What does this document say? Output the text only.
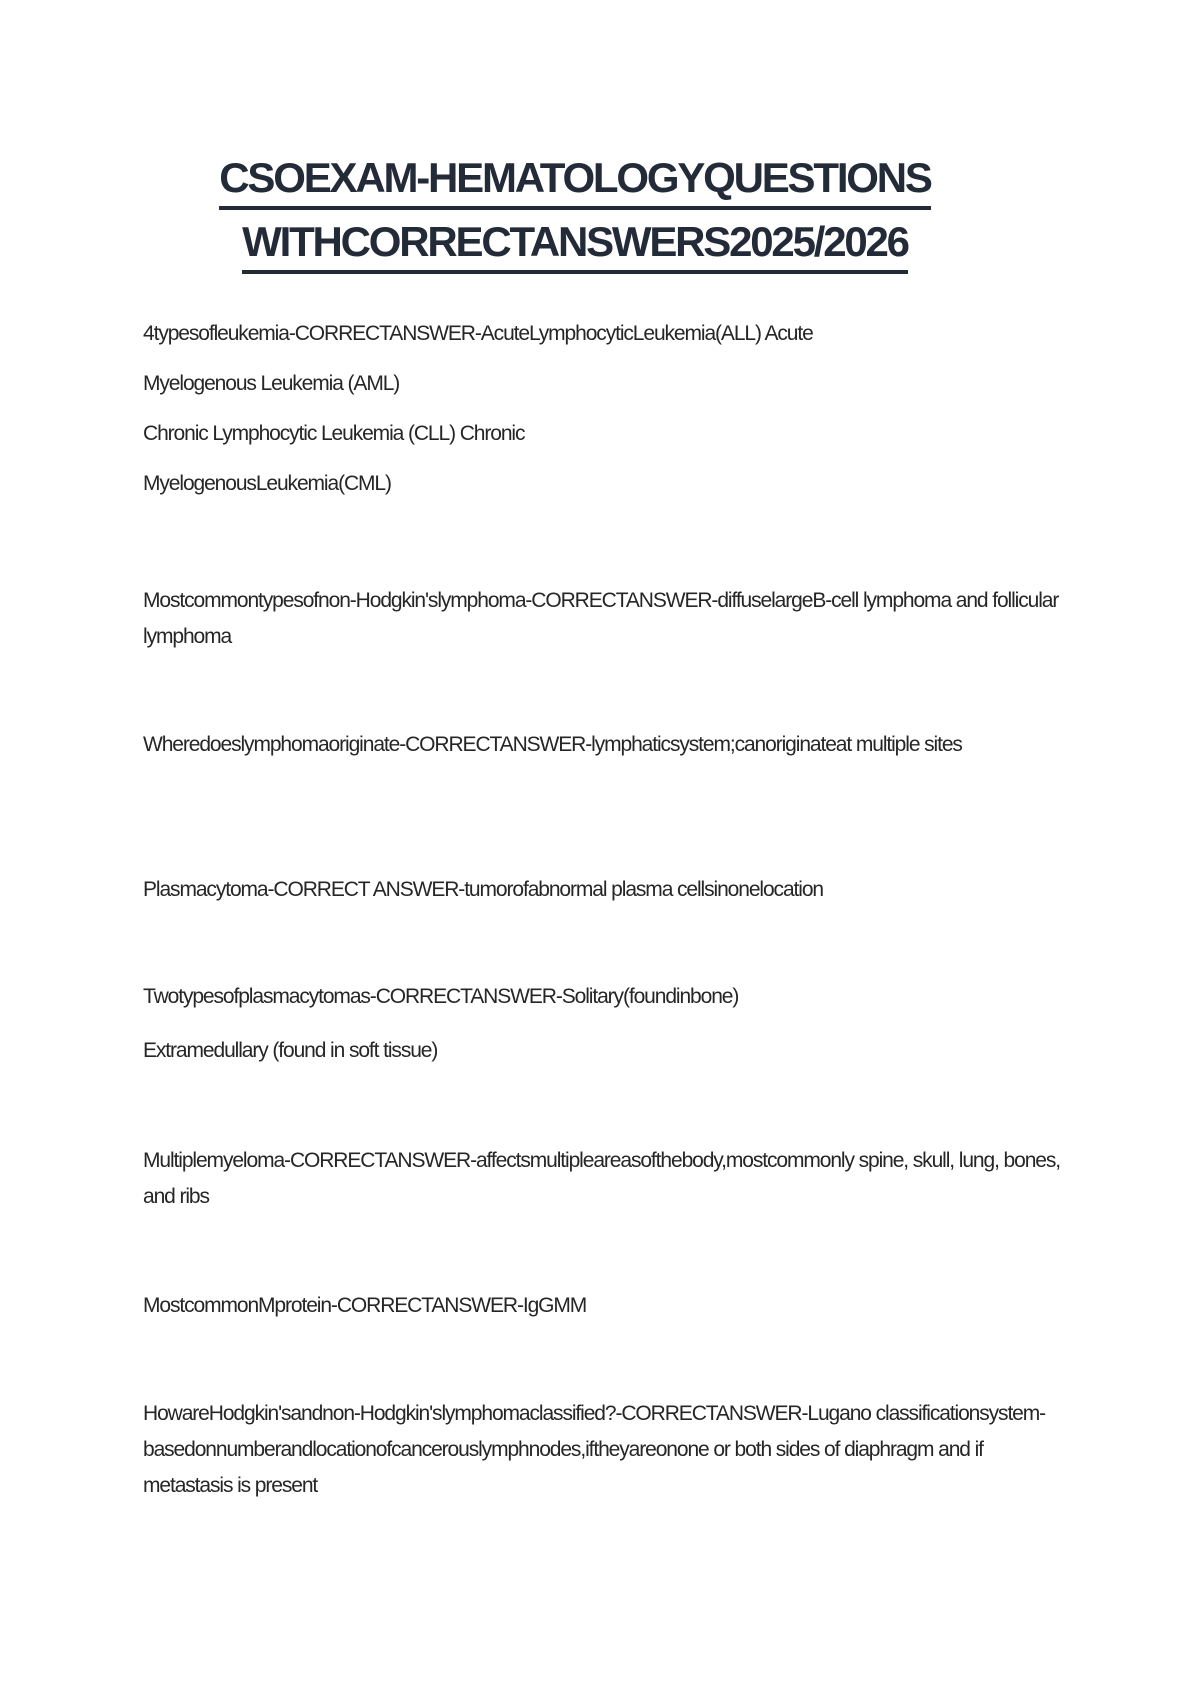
CSOEXAM-HEMATOLOGYQUESTIONS
WITHCORRECTANSWERS2025/2026

4typesofleukemia-CORRECTANSWER-AcuteLymphocyticLeukemia(ALL) Acute

Myelogenous Leukemia (AML)

Chronic Lymphocytic Leukemia (CLL) Chronic

MyelogenousLeukemia(CML)

Mostcommontypesofnon-Hodgkin'slymphoma-CORRECTANSWER-diffuselargeB-cell lymphoma and follicular lymphoma

Wheredoeslymphomaoriginate-CORRECTANSWER-lymphaticsystem;canoriginateat multiple sites

Plasmacytoma-CORRECT ANSWER-tumorofabnormal plasma cellsinonelocation

Twotypesofplasmacytomas-CORRECTANSWER-Solitary(foundinbone)

Extramedullary (found in soft tissue)

Multiplemyeloma-CORRECTANSWER-affectsmultipleareasofthebody,mostcommonly spine, skull, lung, bones, and ribs

MostcommonMprotein-CORRECTANSWER-IgGMM

HowareHodgkin'sandnon-Hodgkin'slymphomaclassified?-CORRECTANSWER-Lugano classificationsystem-basedonnumberandlocationofcancerouslymphnodes,iftheyareonone or both sides of diaphragm and if metastasis is present
